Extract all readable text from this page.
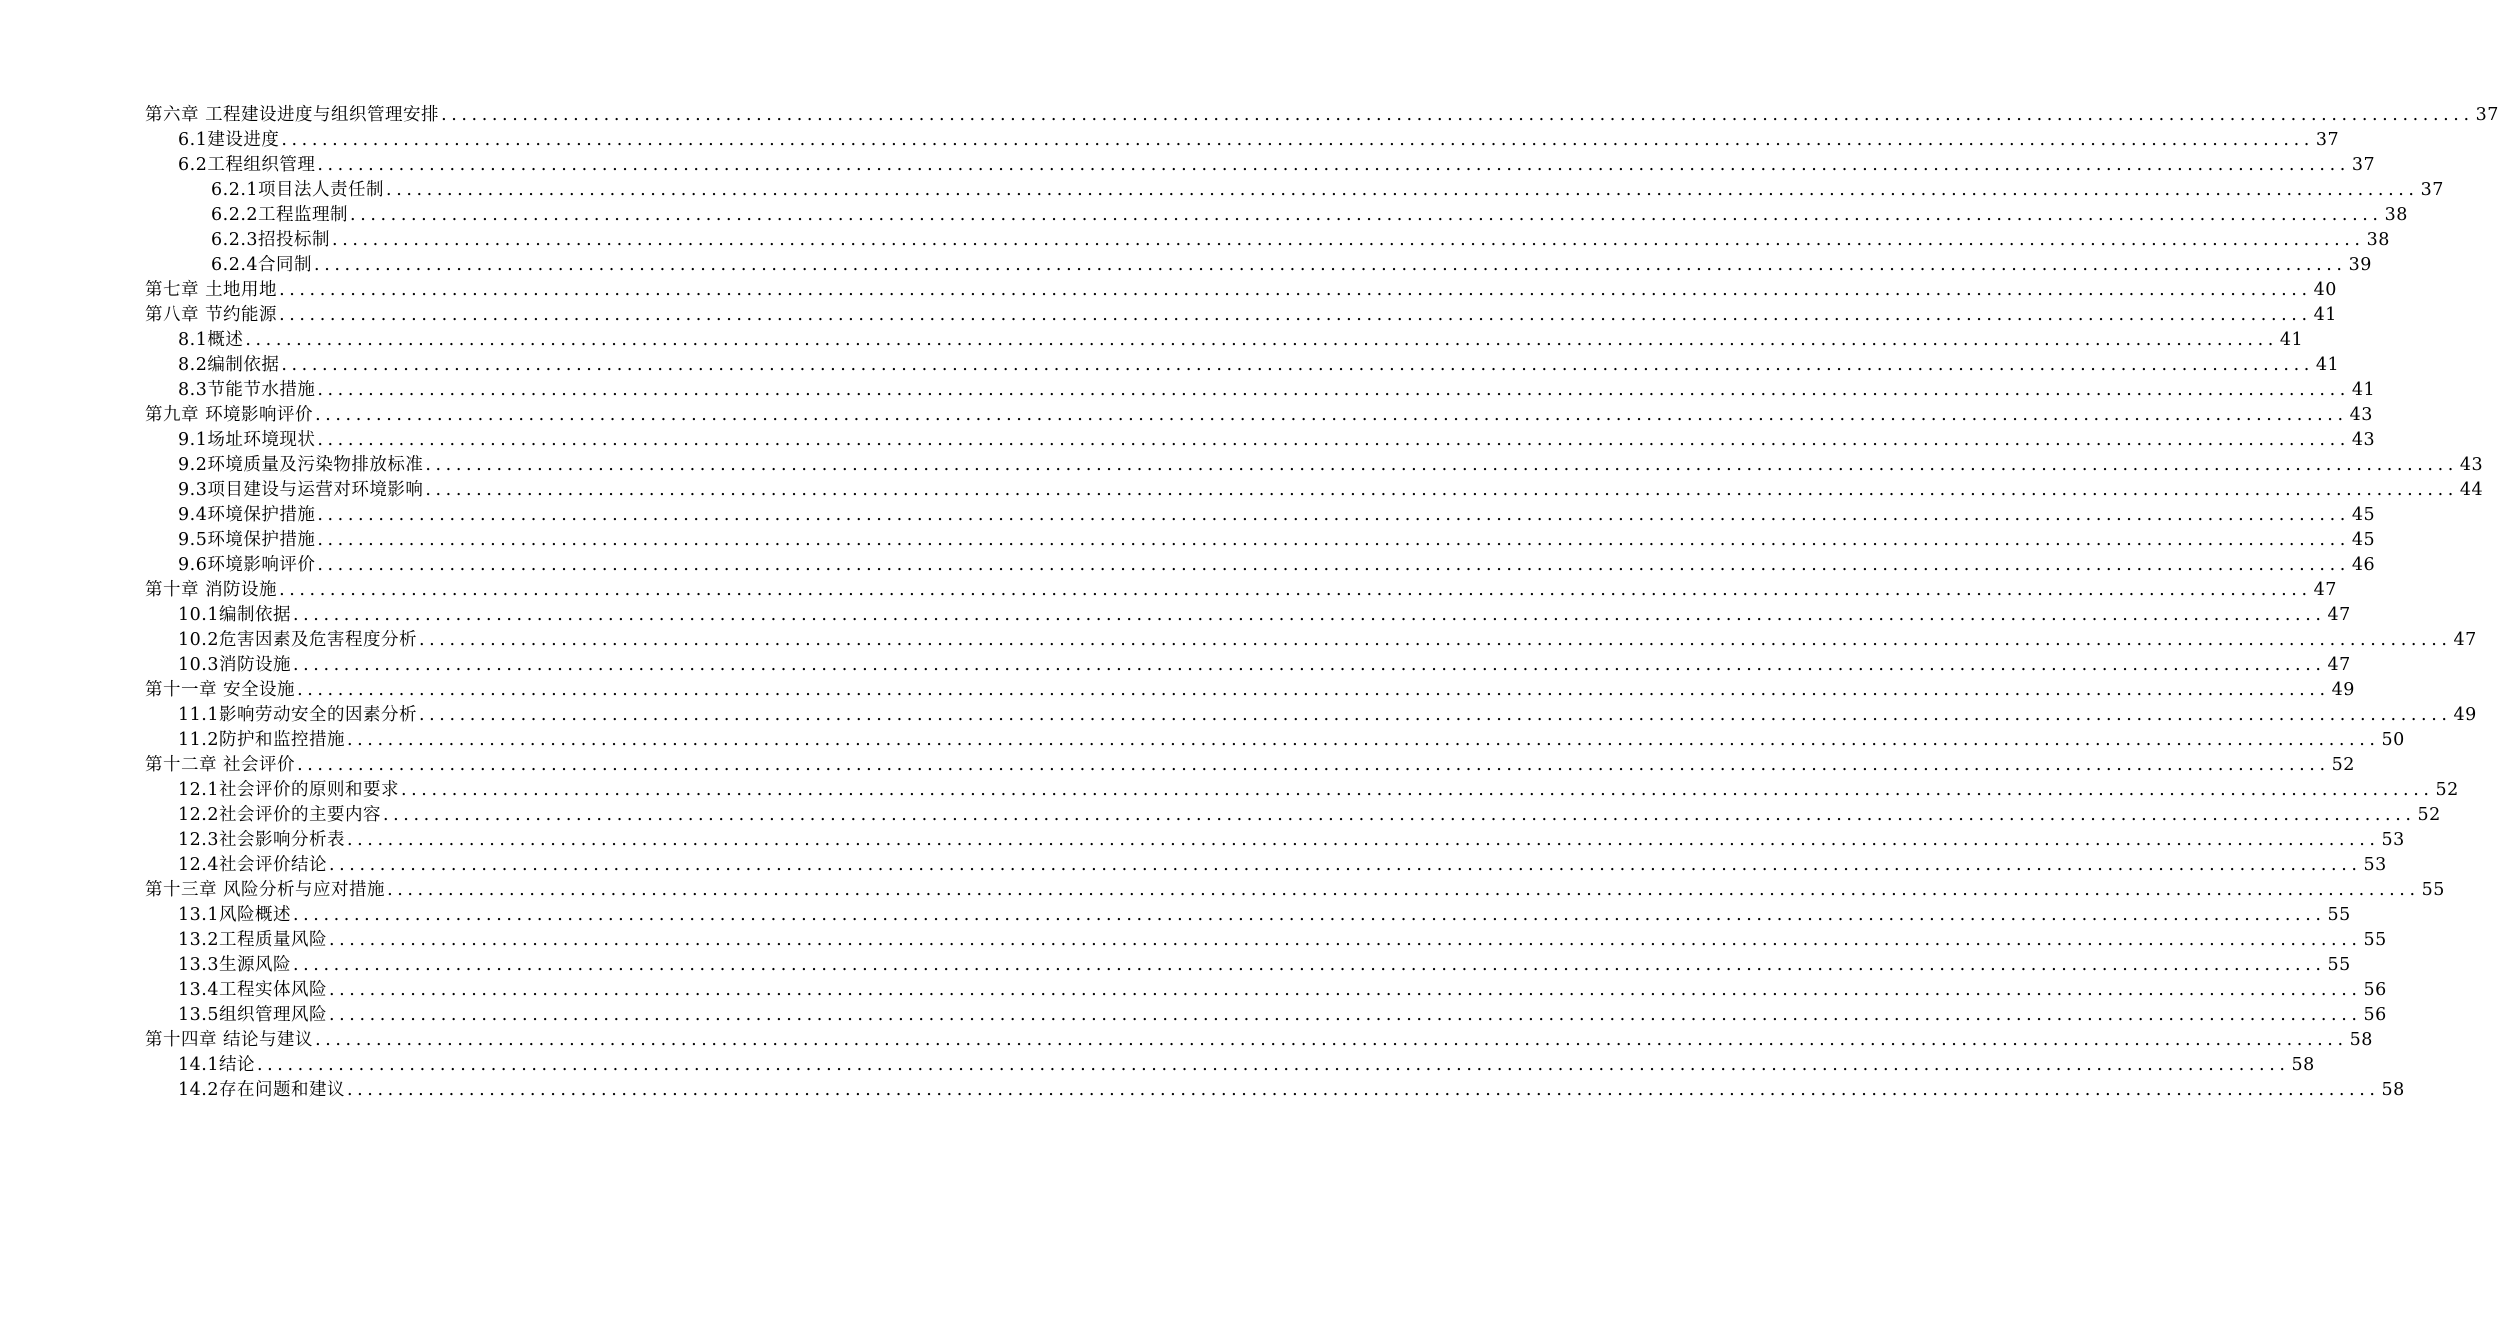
第六章 工程建设进度与组织管理安排 ........................................................................................................................................................................................................ 37
6.1建设进度 ........................................................................................................................................................................................................ 37
6.2工程组织管理 ........................................................................................................................................................................................................ 37
6.2.1项目法人责任制 ........................................................................................................................................................................................................ 37
6.2.2工程监理制 ........................................................................................................................................................................................................ 38
6.2.3招投标制 ........................................................................................................................................................................................................ 38
6.2.4合同制 ........................................................................................................................................................................................................ 39
第七章 土地用地 ........................................................................................................................................................................................................ 40
第八章 节约能源 ........................................................................................................................................................................................................ 41
8.1概述 ........................................................................................................................................................................................................ 41
8.2编制依据 ........................................................................................................................................................................................................ 41
8.3节能节水措施 ........................................................................................................................................................................................................ 41
第九章 环境影响评价 ........................................................................................................................................................................................................ 43
9.1场址环境现状 ........................................................................................................................................................................................................ 43
9.2环境质量及污染物排放标准 ........................................................................................................................................................................................................ 43
9.3项目建设与运营对环境影响 ........................................................................................................................................................................................................ 44
9.4环境保护措施 ........................................................................................................................................................................................................ 45
9.5环境保护措施 ........................................................................................................................................................................................................ 45
9.6环境影响评价 ........................................................................................................................................................................................................ 46
第十章 消防设施 ........................................................................................................................................................................................................ 47
10.1编制依据 ........................................................................................................................................................................................................ 47
10.2危害因素及危害程度分析 ........................................................................................................................................................................................................ 47
10.3消防设施 ........................................................................................................................................................................................................ 47
第十一章 安全设施 ........................................................................................................................................................................................................ 49
11.1影响劳动安全的因素分析 ........................................................................................................................................................................................................ 49
11.2防护和监控措施 ........................................................................................................................................................................................................ 50
第十二章 社会评价 ........................................................................................................................................................................................................ 52
12.1社会评价的原则和要求 ........................................................................................................................................................................................................ 52
12.2社会评价的主要内容 ........................................................................................................................................................................................................ 52
12.3社会影响分析表 ........................................................................................................................................................................................................ 53
12.4社会评价结论 ........................................................................................................................................................................................................ 53
第十三章 风险分析与应对措施 ........................................................................................................................................................................................................ 55
13.1风险概述 ........................................................................................................................................................................................................ 55
13.2工程质量风险 ........................................................................................................................................................................................................ 55
13.3生源风险 ........................................................................................................................................................................................................ 55
13.4工程实体风险 ........................................................................................................................................................................................................ 56
13.5组织管理风险 ........................................................................................................................................................................................................ 56
第十四章 结论与建议 ........................................................................................................................................................................................................ 58
14.1结论 ........................................................................................................................................................................................................ 58
14.2存在问题和建议 ........................................................................................................................................................................................................ 58
